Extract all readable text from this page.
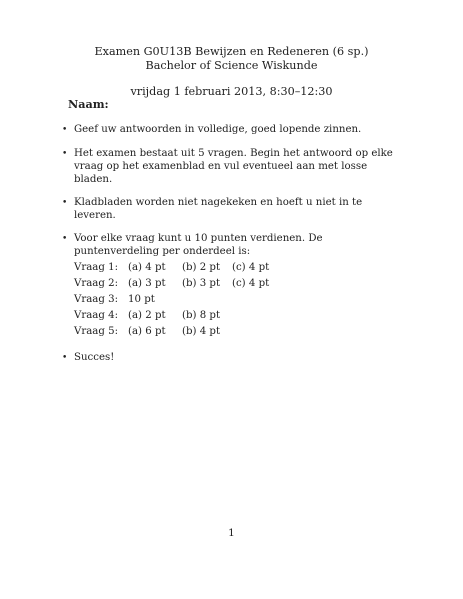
Examen G0U13B Bewijzen en Redeneren (6 sp.)
Bachelor of Science Wiskunde
vrijdag 1 februari 2013, 8:30–12:30
Naam:
• Geef uw antwoorden in volledige, goed lopende zinnen.
• Het examen bestaat uit 5 vragen. Begin het antwoord op elke vraag op het examenblad en vul eventueel aan met losse bladen.
• Kladbladen worden niet nagekeken en hoeft u niet in te leveren.
• Voor elke vraag kunt u 10 punten verdienen. De puntenverdeling per onderdeel is:
Vraag 1:	(a) 4 pt	(b) 2 pt	(c) 4 pt
Vraag 2:	(a) 3 pt	(b) 3 pt	(c) 4 pt
Vraag 3:	10 pt		
Vraag 4:	(a) 2 pt	(b) 8 pt	
Vraag 5:	(a) 6 pt	(b) 4 pt	
• Succes!
1
